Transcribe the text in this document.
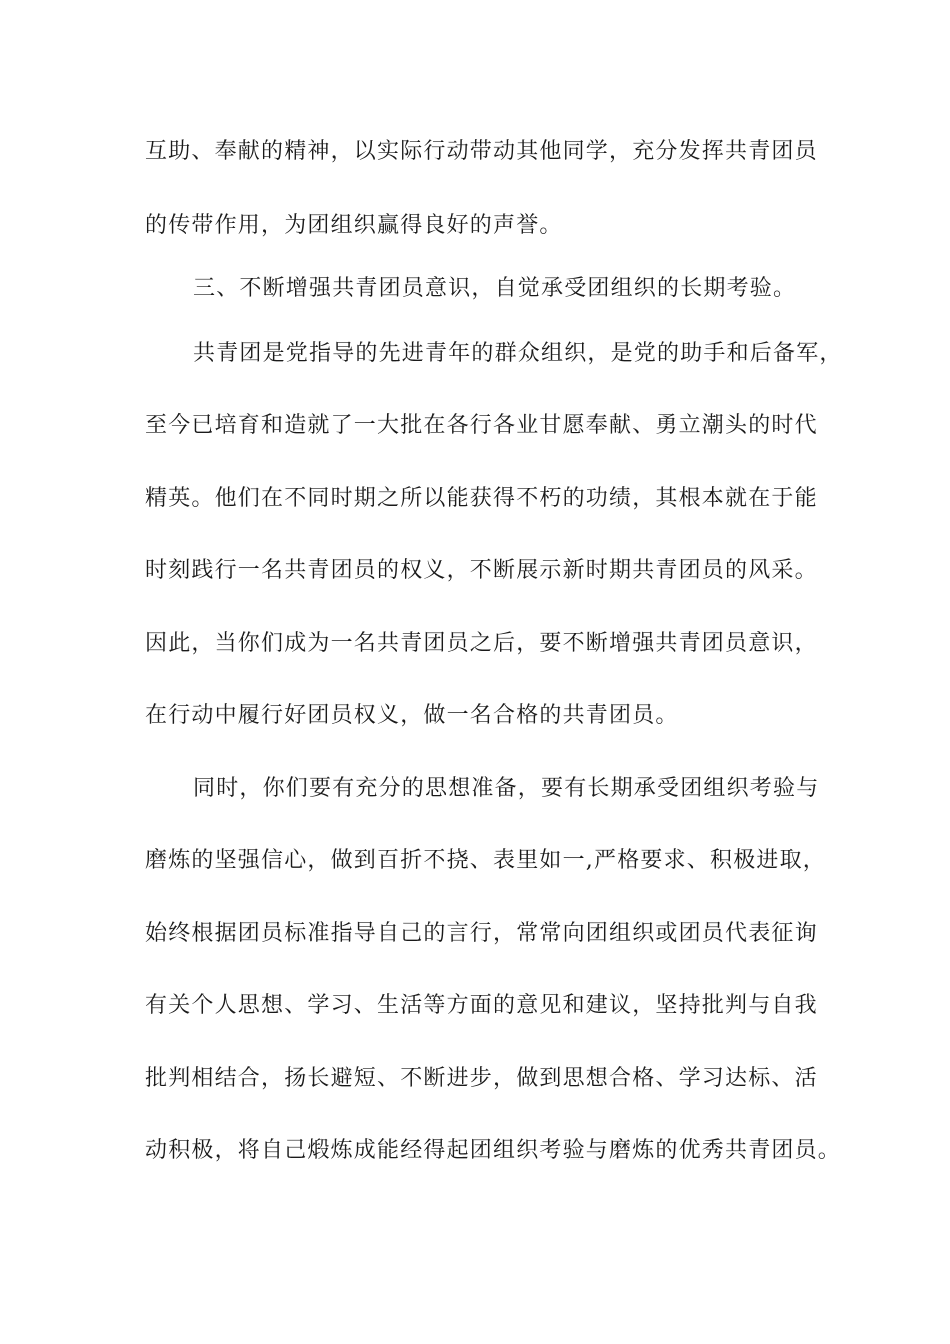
互助、奉献的精神，以实际行动带动其他同学，充分发挥共青团员
的传带作用，为团组织赢得良好的声誉。
三、不断增强共青团员意识，自觉承受团组织的长期考验。
共青团是党指导的先进青年的群众组织，是党的助手和后备军，
至今已培育和造就了一大批在各行各业甘愿奉献、勇立潮头的时代
精英。他们在不同时期之所以能获得不朽的功绩，其根本就在于能
时刻践行一名共青团员的权义，不断展示新时期共青团员的风采。
因此，当你们成为一名共青团员之后，要不断增强共青团员意识，
在行动中履行好团员权义，做一名合格的共青团员。
同时，你们要有充分的思想准备，要有长期承受团组织考验与
磨炼的坚强信心，做到百折不挠、表里如一,严格要求、积极进取，
始终根据团员标准指导自己的言行，常常向团组织或团员代表征询
有关个人思想、学习、生活等方面的意见和建议，坚持批判与自我
批判相结合，扬长避短、不断进步，做到思想合格、学习达标、活
动积极，将自己煅炼成能经得起团组织考验与磨炼的优秀共青团员。
